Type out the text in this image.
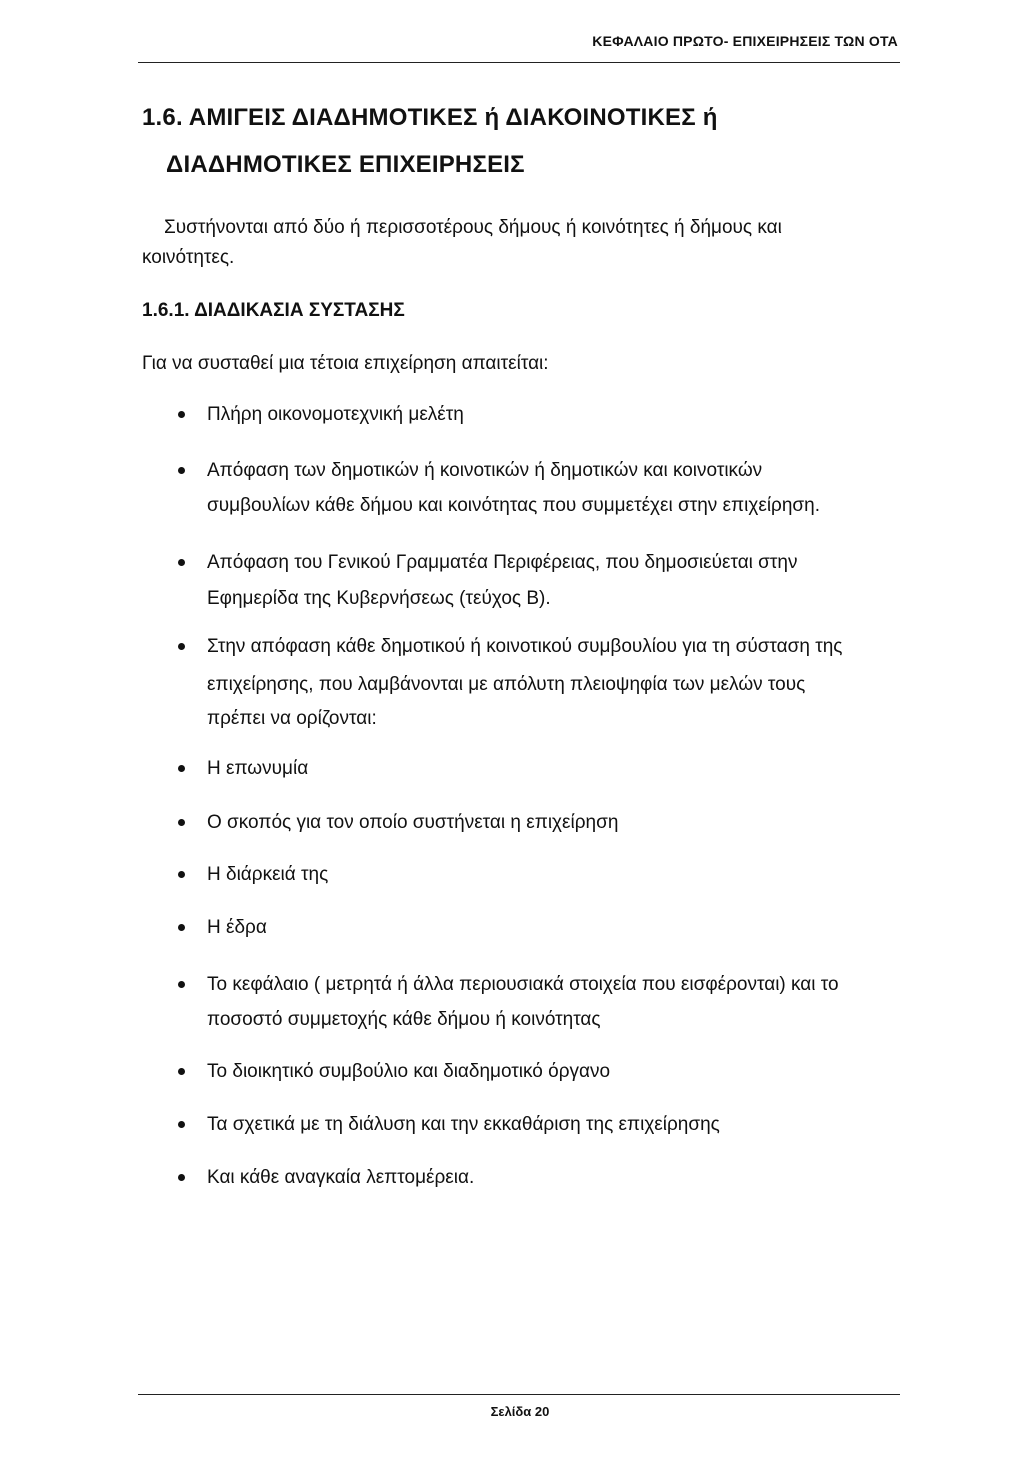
ΚΕΦΑΛΑΙΟ ΠΡΩΤΟ- ΕΠΙΧΕΙΡΗΣΕΙΣ ΤΩΝ ΟΤΑ
1.6. ΑΜΙΓΕΙΣ ΔΙΑΔΗΜΟΤΙΚΕΣ ή ΔΙΑΚΟΙΝΟΤΙΚΕΣ ή
ΔΙΑΔΗΜΟΤΙΚΕΣ ΕΠΙΧΕΙΡΗΣΕΙΣ
Συστήνονται από δύο ή περισσοτέρους δήμους ή κοινότητες ή δήμους και
κοινότητες.
1.6.1. ΔΙΑΔΙΚΑΣΙΑ ΣΥΣΤΑΣΗΣ
Για να συσταθεί μια τέτοια επιχείρηση απαιτείται:
Πλήρη οικονομοτεχνική μελέτη
Απόφαση των δημοτικών ή κοινοτικών ή δημοτικών και κοινοτικών
συμβουλίων κάθε δήμου και κοινότητας που συμμετέχει στην επιχείρηση.
Απόφαση του Γενικού Γραμματέα Περιφέρειας, που δημοσιεύεται στην
Εφημερίδα της Κυβερνήσεως (τεύχος Β).
Στην απόφαση κάθε δημοτικού ή κοινοτικού συμβουλίου για τη σύσταση της
επιχείρησης, που λαμβάνονται με απόλυτη πλειοψηφία των μελών τους
πρέπει να ορίζονται:
Η επωνυμία
Ο σκοπός για τον οποίο συστήνεται η επιχείρηση
Η διάρκειά της
Η έδρα
Το κεφάλαιο ( μετρητά ή άλλα περιουσιακά στοιχεία που εισφέρονται) και το
ποσοστό συμμετοχής κάθε δήμου ή κοινότητας
Το διοικητικό συμβούλιο και διαδημοτικό όργανο
Τα σχετικά με τη διάλυση και την εκκαθάριση της επιχείρησης
Και κάθε αναγκαία λεπτομέρεια.
Σελίδα 20
